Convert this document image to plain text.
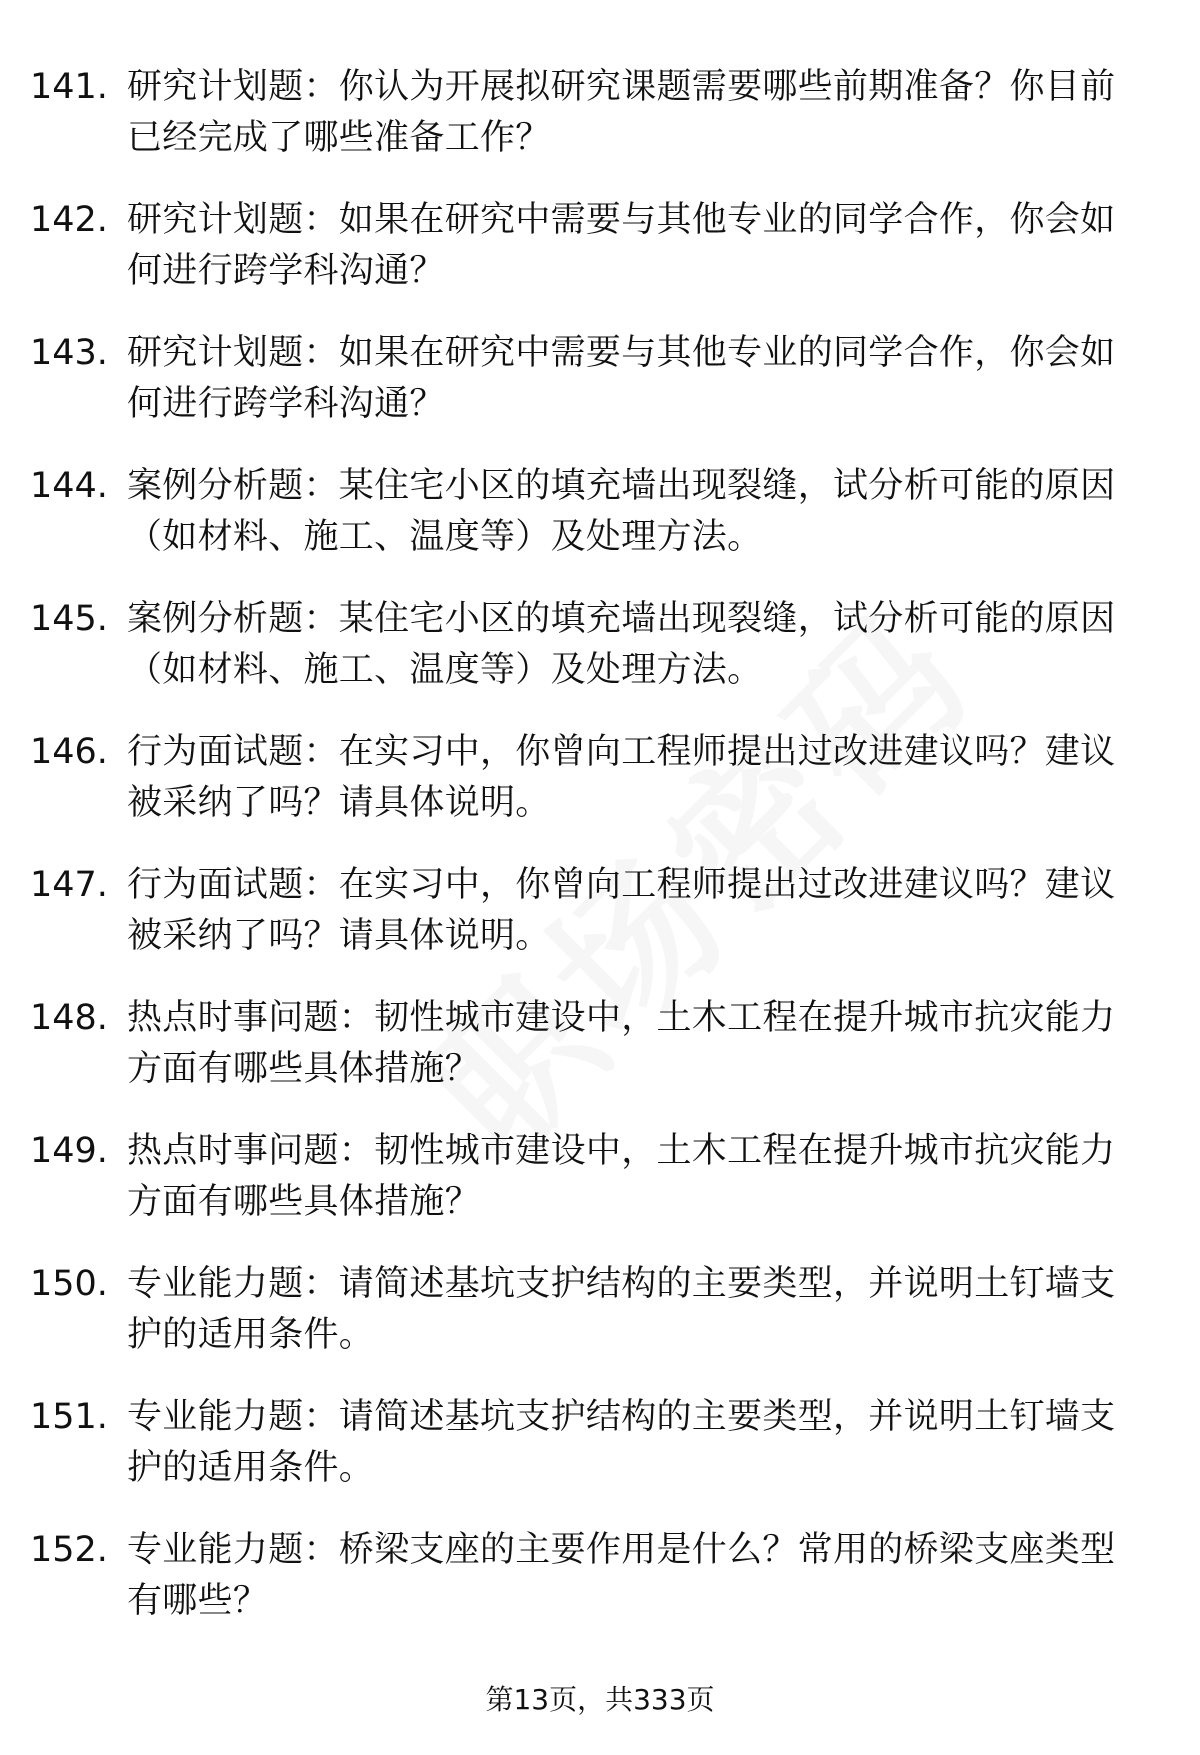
141. 研究计划题：你认为开展拟研究课题需要哪些前期准备？你目前已经完成了哪些准备工作？
142. 研究计划题：如果在研究中需要与其他专业的同学合作，你会如何进行跨学科沟通？
143. 研究计划题：如果在研究中需要与其他专业的同学合作，你会如何进行跨学科沟通？
144. 案例分析题：某住宅小区的填充墙出现裂缝，试分析可能的原因（如材料、施工、温度等）及处理方法。
145. 案例分析题：某住宅小区的填充墙出现裂缝，试分析可能的原因（如材料、施工、温度等）及处理方法。
146. 行为面试题：在实习中，你曾向工程师提出过改进建议吗？建议被采纳了吗？请具体说明。
147. 行为面试题：在实习中，你曾向工程师提出过改进建议吗？建议被采纳了吗？请具体说明。
148. 热点时事问题：韧性城市建设中，土木工程在提升城市抗灾能力方面有哪些具体措施？
149. 热点时事问题：韧性城市建设中，土木工程在提升城市抗灾能力方面有哪些具体措施？
150. 专业能力题：请简述基坑支护结构的主要类型，并说明土钉墙支护的适用条件。
151. 专业能力题：请简述基坑支护结构的主要类型，并说明土钉墙支护的适用条件。
152. 专业能力题：桥梁支座的主要作用是什么？常用的桥梁支座类型有哪些？
第13页，共333页
